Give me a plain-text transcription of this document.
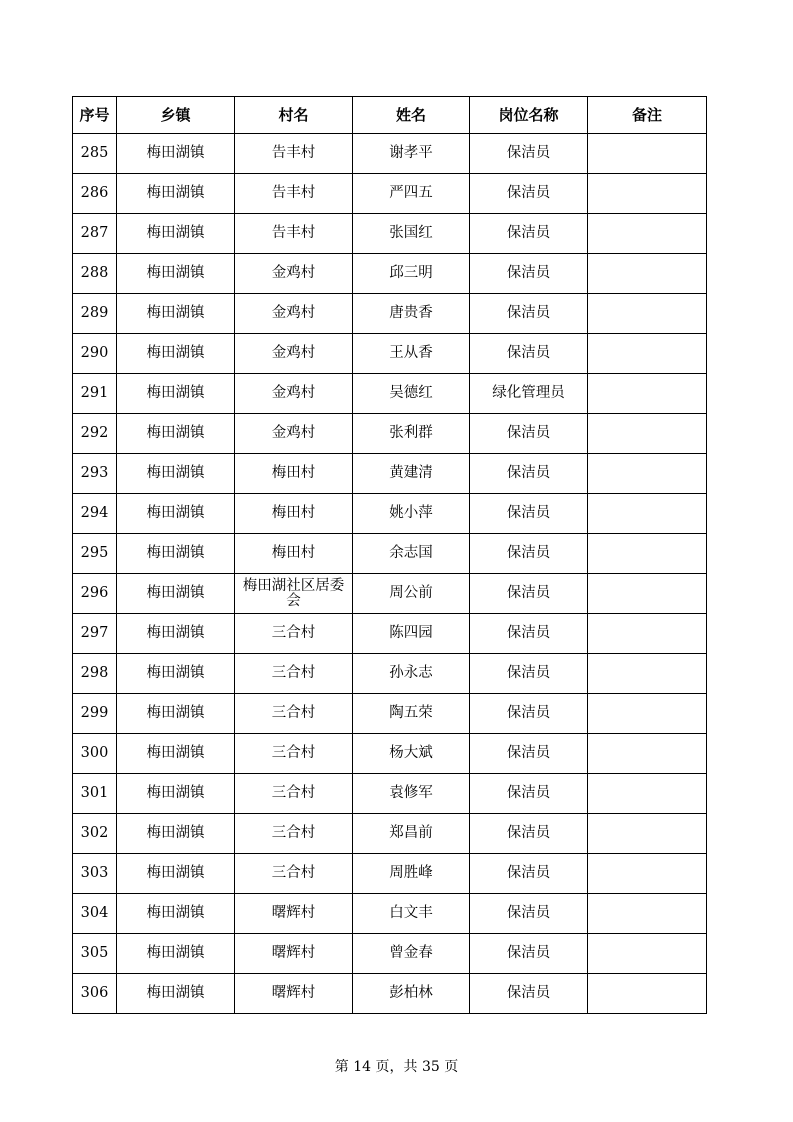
序号	乡镇	村名	姓名	岗位名称	备注
285	梅田湖镇	告丰村	谢孝平	保洁员	
286	梅田湖镇	告丰村	严四五	保洁员	
287	梅田湖镇	告丰村	张国红	保洁员	
288	梅田湖镇	金鸡村	邱三明	保洁员	
289	梅田湖镇	金鸡村	唐贵香	保洁员	
290	梅田湖镇	金鸡村	王从香	保洁员	
291	梅田湖镇	金鸡村	吴德红	绿化管理员	
292	梅田湖镇	金鸡村	张利群	保洁员	
293	梅田湖镇	梅田村	黄建清	保洁员	
294	梅田湖镇	梅田村	姚小萍	保洁员	
295	梅田湖镇	梅田村	余志国	保洁员	
296	梅田湖镇	梅田湖社区居委会	周公前	保洁员	
297	梅田湖镇	三合村	陈四园	保洁员	
298	梅田湖镇	三合村	孙永志	保洁员	
299	梅田湖镇	三合村	陶五荣	保洁员	
300	梅田湖镇	三合村	杨大斌	保洁员	
301	梅田湖镇	三合村	袁修军	保洁员	
302	梅田湖镇	三合村	郑昌前	保洁员	
303	梅田湖镇	三合村	周胜峰	保洁员	
304	梅田湖镇	曙辉村	白文丰	保洁员	
305	梅田湖镇	曙辉村	曾金春	保洁员	
306	梅田湖镇	曙辉村	彭柏林	保洁员	
第 14 页，共 35 页
